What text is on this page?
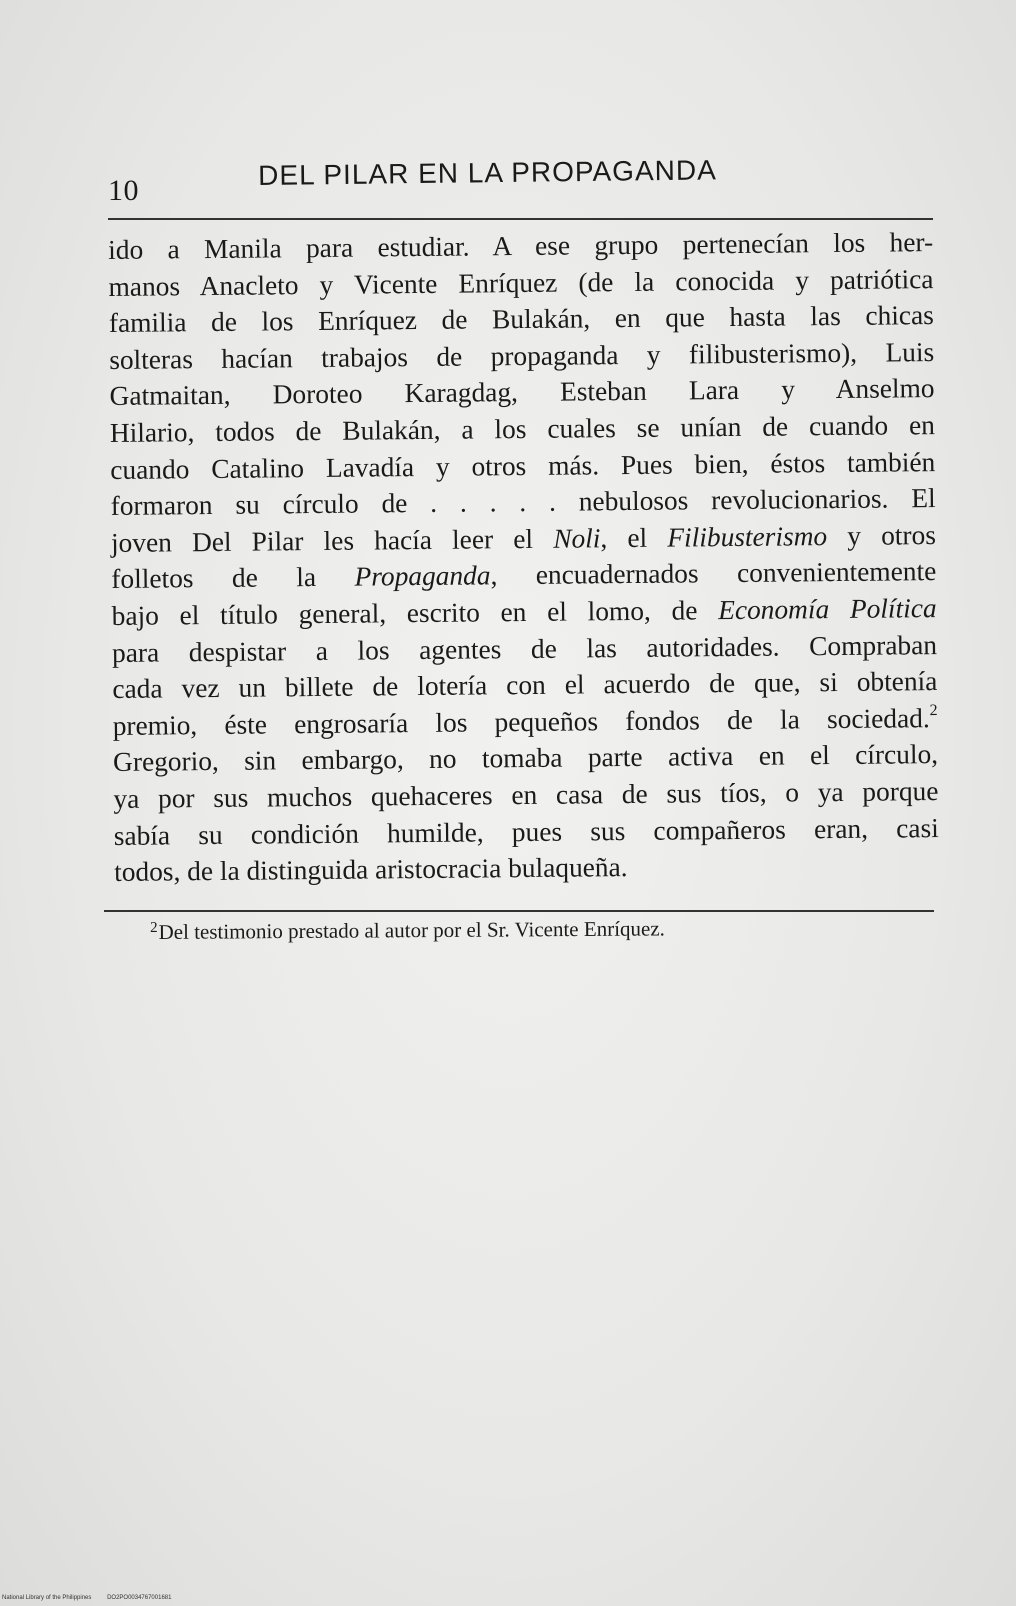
10	DEL PILAR EN LA PROPAGANDA
ido a Manila para estudiar. A ese grupo pertenecían los her-
manos Anacleto y Vicente Enríquez (de la conocida y patriótica
familia de los Enríquez de Bulakán, en que hasta las chicas
solteras hacían trabajos de propaganda y filibusterismo), Luis
Gatmaitan, Doroteo Karagdag, Esteban Lara y Anselmo
Hilario, todos de Bulakán, a los cuales se unían de cuando en
cuando Catalino Lavadía y otros más. Pues bien, éstos también
formaron su círculo de . . . . . nebulosos revolucionarios. El
joven Del Pilar les hacía leer el Noli, el Filibusterismo y otros
folletos de la Propaganda, encuadernados convenientemente
bajo el título general, escrito en el lomo, de Economía Política
para despistar a los agentes de las autoridades. Compraban
cada vez un billete de lotería con el acuerdo de que, si obtenía
premio, éste engrosaría los pequeños fondos de la sociedad.$^2$
Gregorio, sin embargo, no tomaba parte activa en el círculo,
ya por sus muchos quehaceres en casa de sus tíos, o ya porque
sabía su condición humilde, pues sus compañeros eran, casi
todos, de la distinguida aristocracia bulaqueña.
$^2$Del testimonio prestado al autor por el Sr. Vicente Enríquez.
National Library of the Philippines	DO2PO0034767001681
